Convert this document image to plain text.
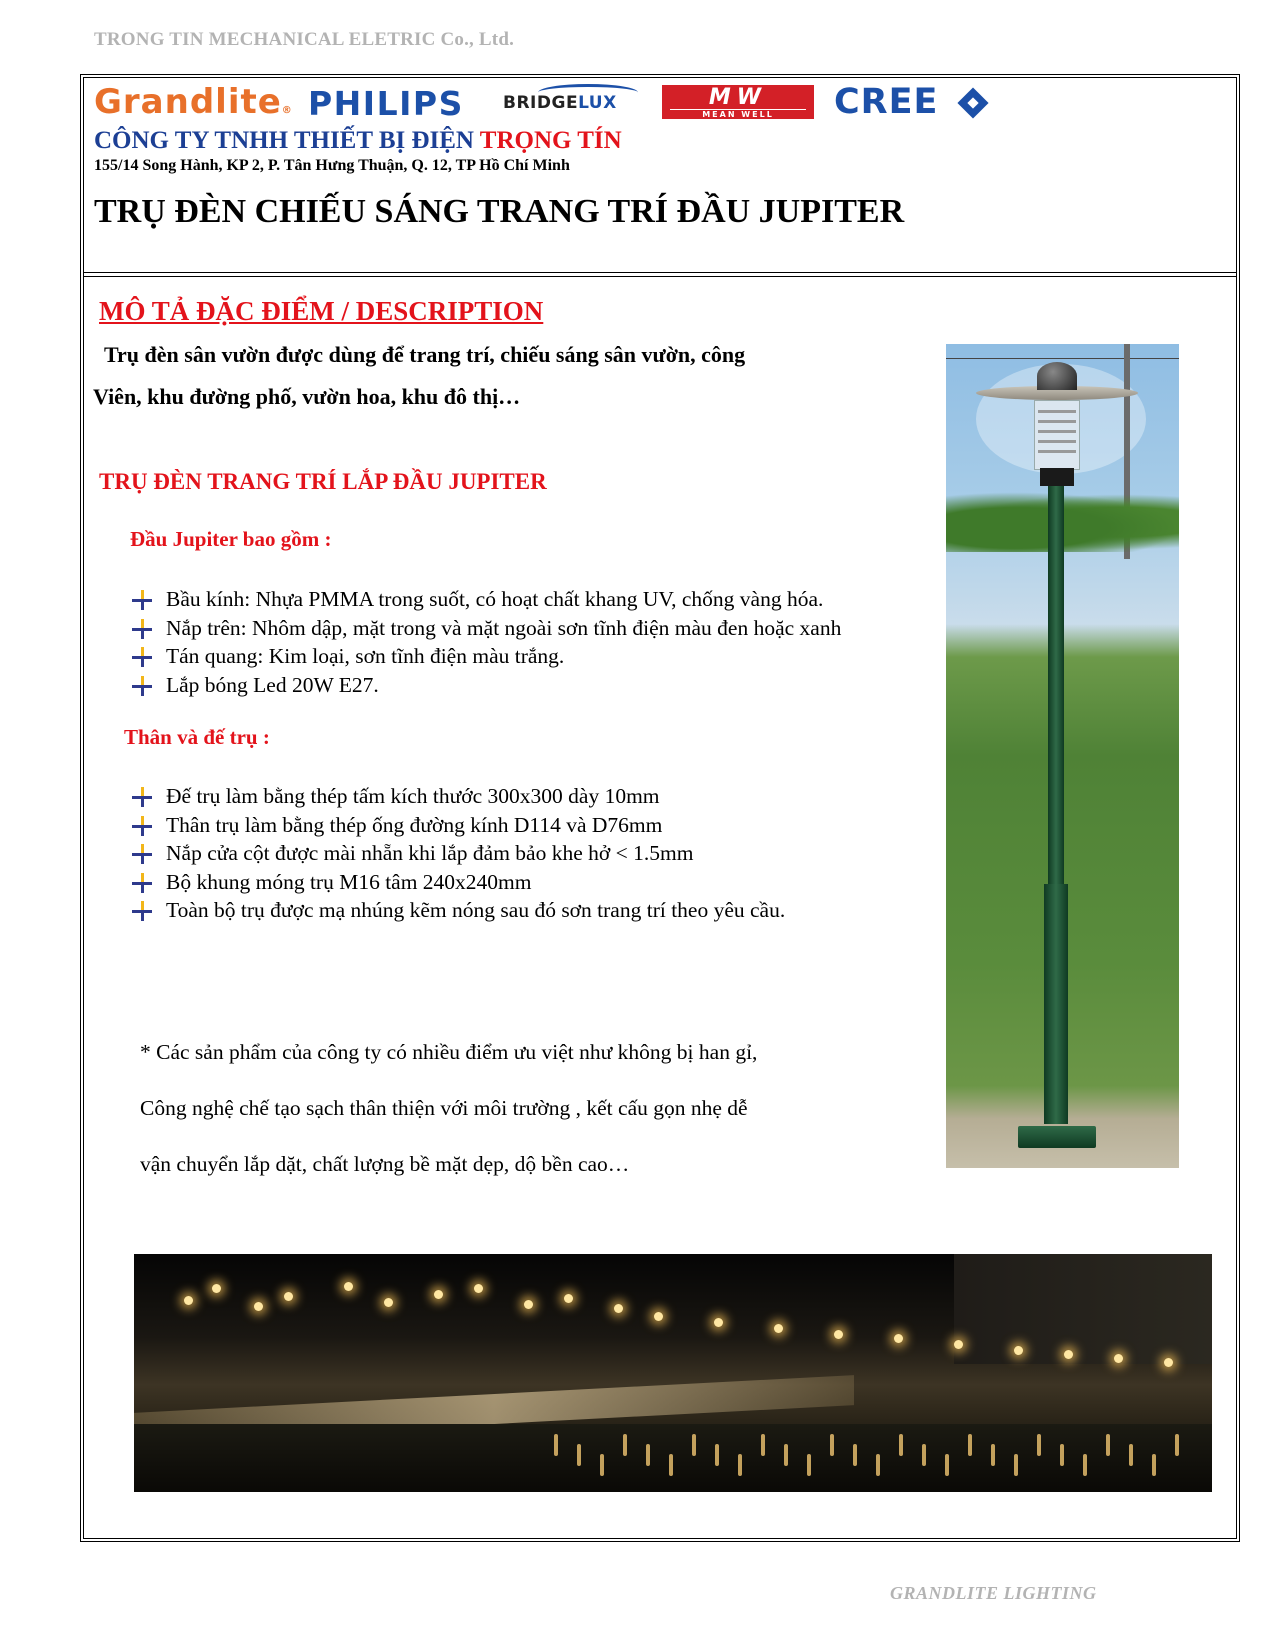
TRONG TIN MECHANICAL ELETRIC Co., Ltd.
Grandlite® PHILIPS BRIDGELUX	MW
MEAN WELL	CREE
CÔNG TY TNHH THIẾT BỊ ĐIỆN TRỌNG TÍN
155/14 Song Hành, KP 2, P. Tân Hưng Thuận, Q. 12, TP Hồ Chí Minh
TRỤ ĐÈN CHIẾU SÁNG TRANG TRÍ ĐẦU JUPITER
MÔ TẢ ĐẶC ĐIỂM / DESCRIPTION
Trụ đèn sân vườn được dùng để trang trí, chiếu sáng sân vườn, công
Viên, khu đường phố, vườn hoa, khu đô thị…
TRỤ ĐÈN TRANG TRÍ LẮP ĐẦU JUPITER
Đầu Jupiter bao gồm :
Bầu kính: Nhựa PMMA trong suốt, có hoạt chất khang UV, chống vàng hóa.
Nắp trên: Nhôm dập, mặt trong và mặt ngoài sơn tĩnh điện màu đen hoặc xanh
Tán quang: Kim loại, sơn tĩnh điện màu trắng.
Lắp bóng Led 20W E27.
Thân và đế trụ :
Đế trụ làm bằng thép tấm kích thước 300x300 dày 10mm
Thân trụ làm bằng thép ống đường kính D114 và D76mm
Nắp cửa cột được mài nhẵn khi lắp đảm bảo khe hở < 1.5mm
Bộ khung móng trụ M16 tâm 240x240mm
Toàn bộ trụ được mạ nhúng kẽm nóng sau đó sơn trang trí theo yêu cầu.
* Các sản phẩm của công ty có nhiều điểm ưu việt như không bị han gỉ,
Công nghệ chế tạo sạch thân thiện với môi trường , kết cấu gọn nhẹ dễ
vận chuyển lắp dặt, chất lượng bề mặt dẹp, dộ bền cao…
GRANDLITE LIGHTING
